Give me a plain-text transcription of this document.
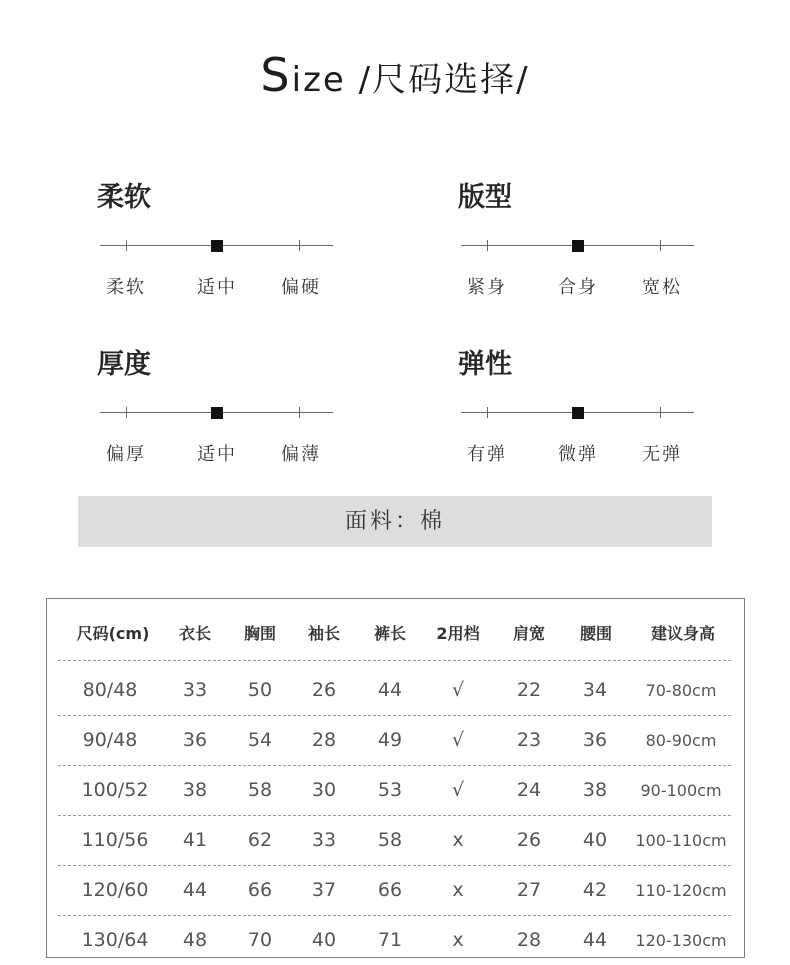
Size /尺码选择/
柔软
柔软	适中 偏硬
版型
紧身	合身 宽松
厚度
偏厚	适中 偏薄
弹性
有弹	微弹 无弹
面料：棉
尺码(cm) 衣长 胸围 袖长 裤长 2用档 肩宽 腰围 建议身高
80/48 33 50 26 44	√	22 34 70-80cm
90/48 36 54 28 49	√	23 36 80-90cm
100/52 38 58 30 53	√	24 38 90-100cm
110/56 41 62 33 58	x	26 40 100-110cm
120/60 44 66 37 66	x	27 42 110-120cm
130/64 48 70 40 71	x	28 44 120-130cm
